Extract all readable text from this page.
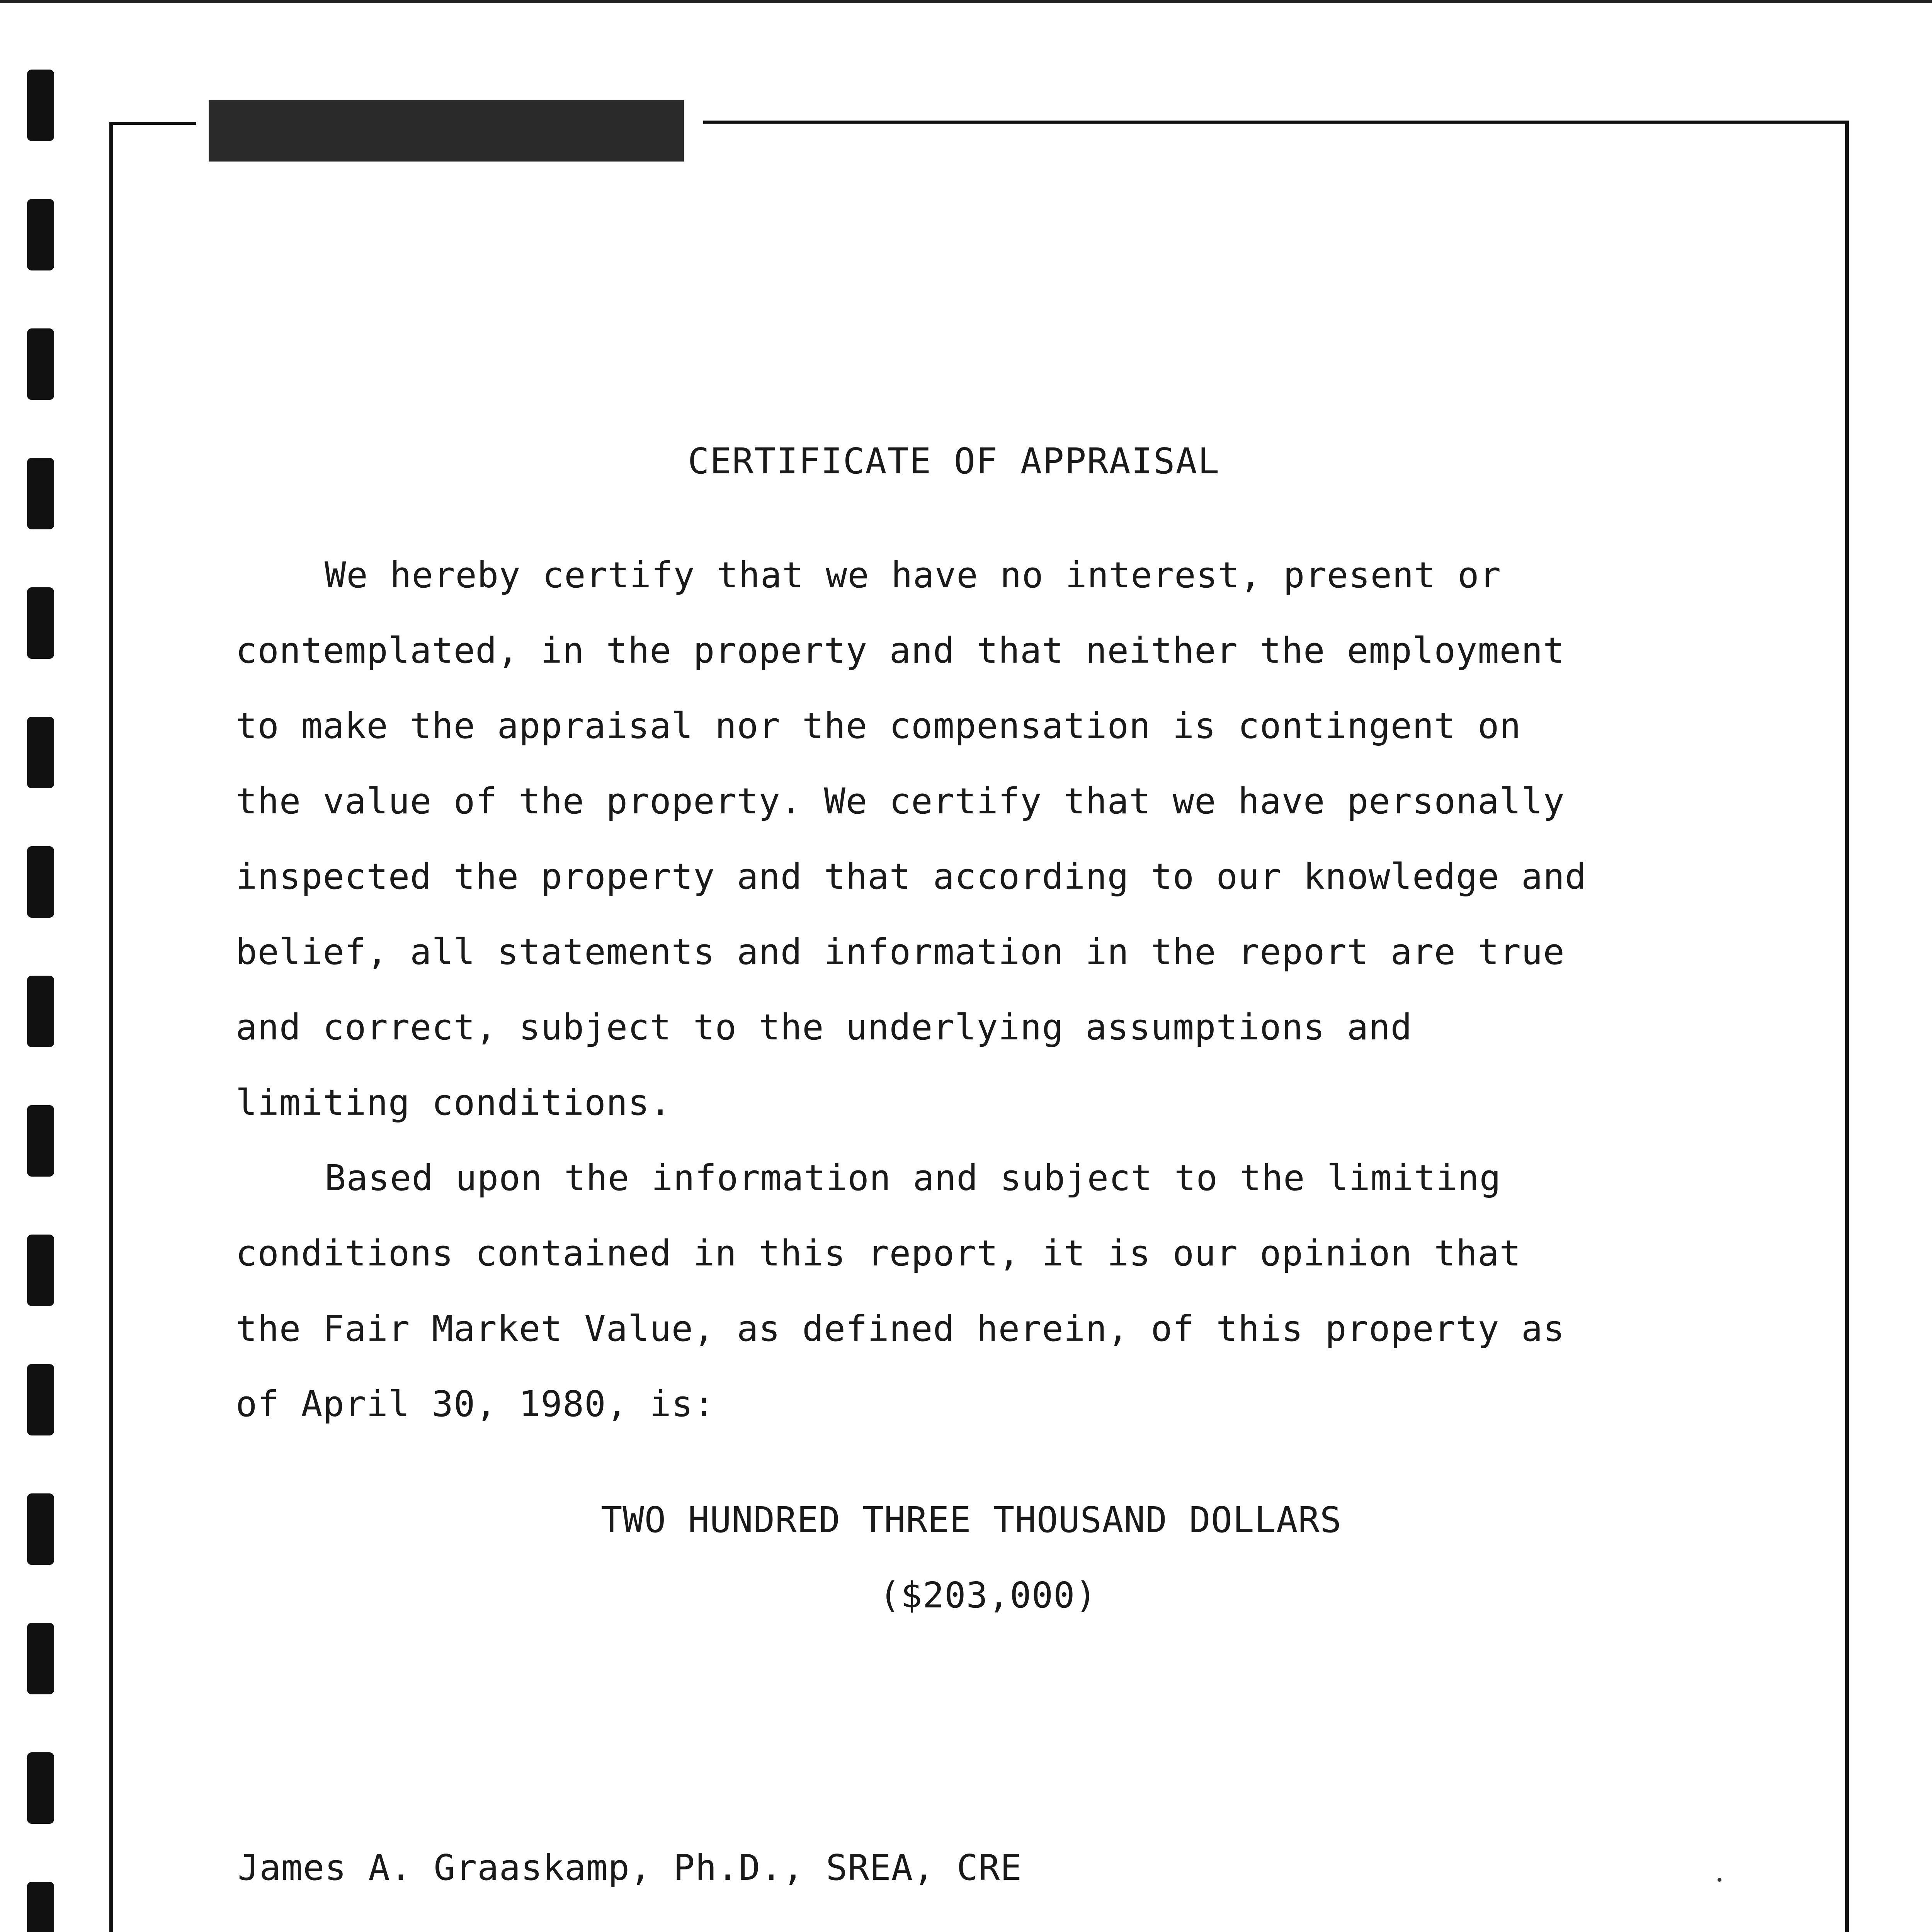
CERTIFICATE OF APPRAISAL
We hereby certify that we have no interest, present or
contemplated, in the property and that neither the employment
to make the appraisal nor the compensation is contingent on
the value of the property. We certify that we have personally
inspected the property and that according to our knowledge and
belief, all statements and information in the report are true
and correct, subject to the underlying assumptions and
limiting conditions.
Based upon the information and subject to the limiting
conditions contained in this report, it is our opinion that
the Fair Market Value, as defined herein, of this property as
of April 30, 1980, is:
TWO HUNDRED THREE THOUSAND DOLLARS
($203,000)
James A. Graaskamp, Ph.D., SREA, CRE
